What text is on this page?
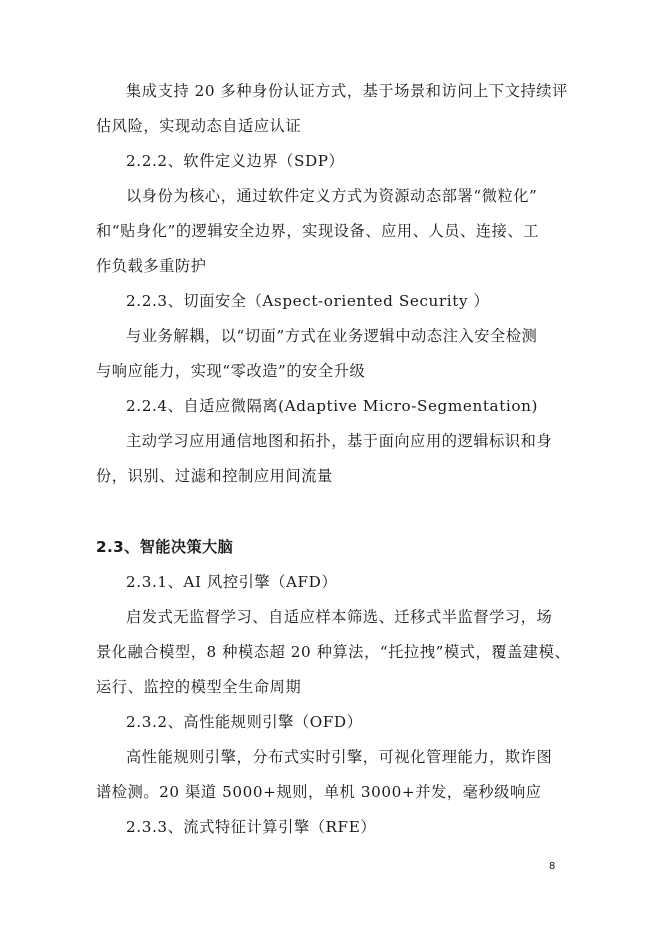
集成支持 20 多种身份认证方式，基于场景和访问上下文持续评
估风险，实现动态自适应认证
2.2.2、软件定义边界（SDP）
以身份为核心，通过软件定义方式为资源动态部署“微粒化”
和“贴身化”的逻辑安全边界，实现设备、应用、人员、连接、工
作负载多重防护
2.2.3、切面安全（Aspect-oriented Security ）
与业务解耦，以“切面”方式在业务逻辑中动态注入安全检测
与响应能力，实现“零改造”的安全升级
2.2.4、自适应微隔离(Adaptive Micro-Segmentation)
主动学习应用通信地图和拓扑，基于面向应用的逻辑标识和身
份，识别、过滤和控制应用间流量
2.3、智能决策大脑
2.3.1、AI 风控引擎（AFD）
启发式无监督学习、自适应样本筛选、迁移式半监督学习，场
景化融合模型，8 种模态超 20 种算法，“托拉拽”模式，覆盖建模、
运行、监控的模型全生命周期
2.3.2、高性能规则引擎（OFD）
高性能规则引擎，分布式实时引擎，可视化管理能力，欺诈图
谱检测。20 渠道 5000+规则，单机 3000+并发，毫秒级响应
2.3.3、流式特征计算引擎（RFE）
8
